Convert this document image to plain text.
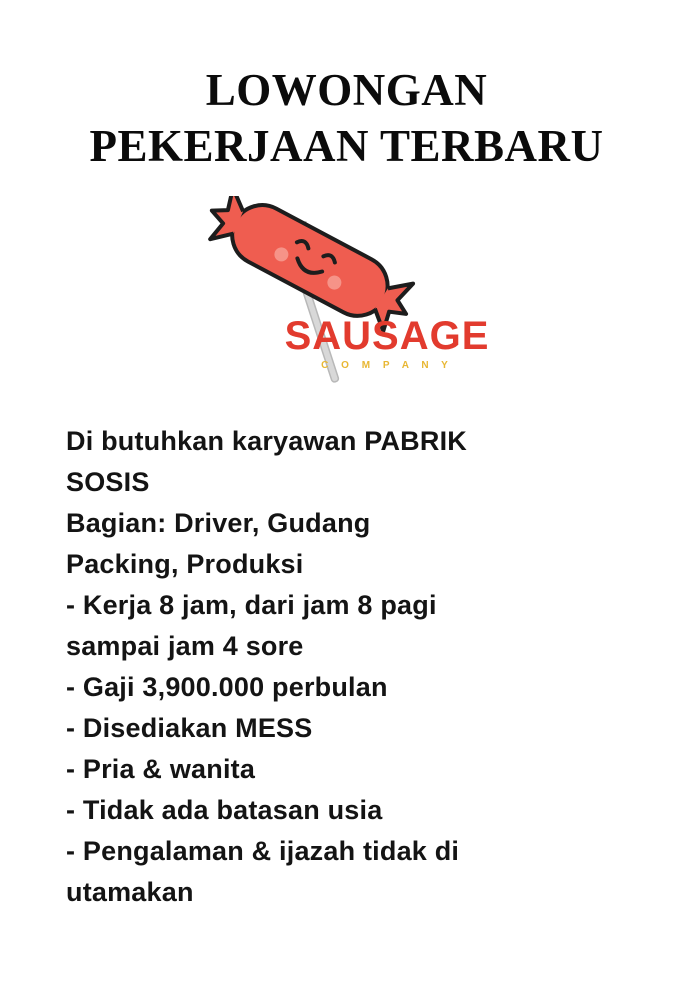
LOWONGAN
PEKERJAAN TERBARU
SAUSAGE
C O M P A N Y

Di butuhkan karyawan PABRIK

SOSIS

Bagian: Driver, Gudang

Packing, Produksi

- Kerja 8 jam, dari jam 8 pagi

sampai jam 4 sore

- Gaji 3,900.000 perbulan

- Disediakan MESS

- Pria & wanita

- Tidak ada batasan usia

- Pengalaman & ijazah tidak di

utamakan
